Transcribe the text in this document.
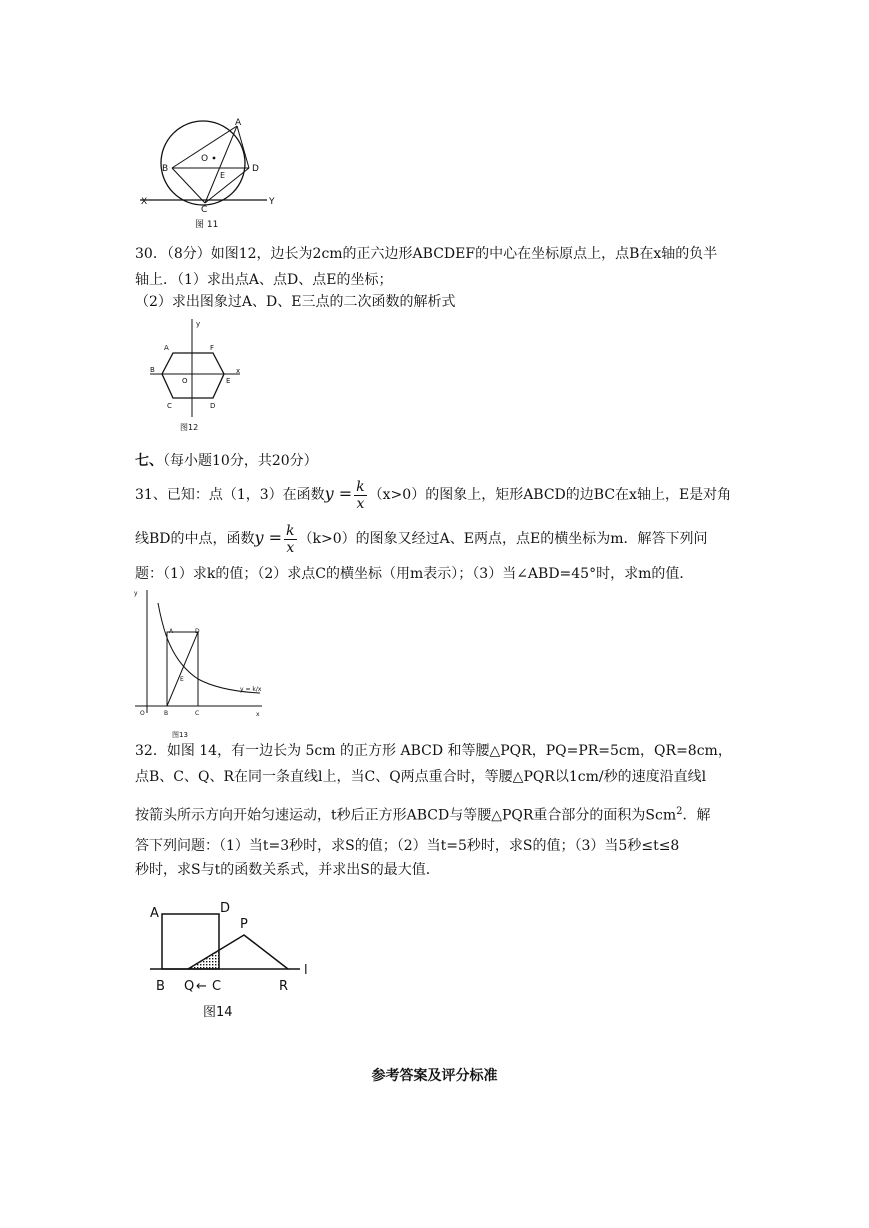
A
O
B	D
E
X	Y
C
图 11
30．（8分）如图12，边长为2cm的正六边形ABCDEF的中心在坐标原点上，点B在x轴的负半
轴上．（1）求出点A、点D、点E的坐标；
（2）求出图象过A、D、E三点的二次函数的解析式
y
A	F
B
E
x
O
C	D
图12
七、（每小题10分，共20分）
31、已知：点（1，3）在函数$y = \frac{k}{x} (x>0)$的图象上，矩形ABCD的边BC在x轴上，E是对角
线BD的中点，函数$y = \frac{k}{x} (k>0)$的图象又经过A、E两点，点E的横坐标为m．解答下列问
题：（1）求k的值；（2）求点C的横坐标（用m表示）；（3）当∠ABD=45°时，求m的值．
y
A	D
E
y = k/x
O	B	C	x
图13
32．如图 14，有一边长为 5cm 的正方形 ABCD 和等腰△PQR，PQ=PR=5cm，QR=8cm，
点B、C、Q、R在同一条直线l上，当C、Q两点重合时，等腰△PQR以1cm/秒的速度沿直线l
按箭头所示方向开始匀速运动，t秒后正方形ABCD与等腰△PQR重合部分的面积为Scm$^2$．解
答下列问题：（1）当t=3秒时，求S的值；（2）当t=5秒时，求S的值；（3）当5秒≤t≤8
秒时，求S与t的函数关系式，并求出S的最大值．
A	D
P
l
B Q ← C	R
图14
参考答案及评分标准
